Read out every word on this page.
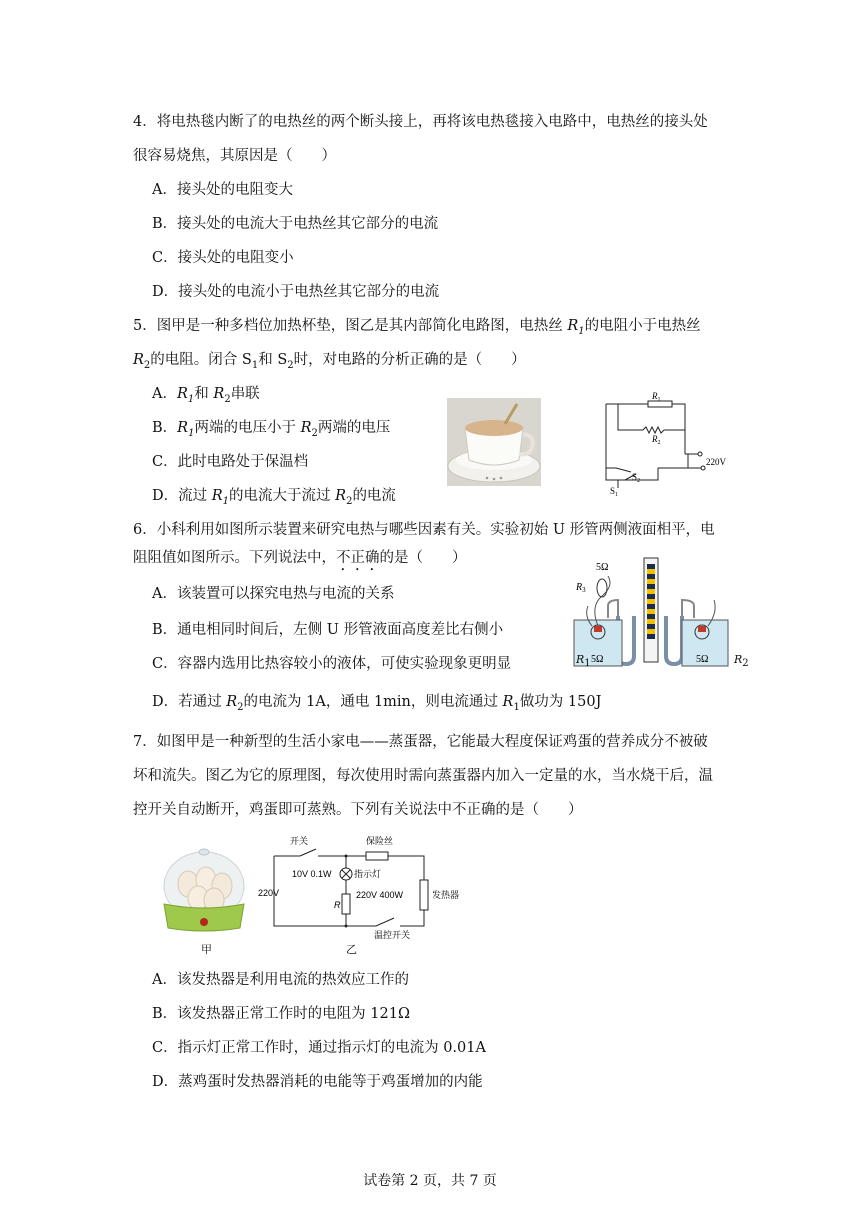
4．将电热毯内断了的电热丝的两个断头接上，再将该电热毯接入电路中，电热丝的接头处
很容易烧焦，其原因是（　　）
A．接头处的电阻变大
B．接头处的电流大于电热丝其它部分的电流
C．接头处的电阻变小
D．接头处的电流小于电热丝其它部分的电流
5．图甲是一种多档位加热杯垫，图乙是其内部简化电路图，电热丝 $R_1$的电阻小于电热丝
$R_2$的电阻。闭合 $S_1$和 $S_2$时，对电路的分析正确的是（　　）
A．$R_1$和 $R_2$串联
B．$R_1$两端的电压小于 $R_2$两端的电压
C．此时电路处于保温档
D．流过 $R_1$的电流大于流过 $R_2$的电流
$R_1$
$R_2$
220V
$S_2$
$S_1$
6．小科利用如图所示装置来研究电热与哪些因素有关。实验初始 U 形管两侧液面相平，电
阻阻值如图所示。下列说法中，不正确的是（　　）
A．该装置可以探究电热与电流的关系
B．通电相同时间后，左侧 U 形管液面高度差比右侧小
C．容器内选用比热容较小的液体，可使实验现象更明显
D．若通过 $R_2$的电流为 1A，通电 1min，则电流通过 $R_1$做功为 150J
5Ω
$R_3$
5Ω	5Ω
$R_1$	$R_2$
7．如图甲是一种新型的生活小家电——蒸蛋器，它能最大程度保证鸡蛋的营养成分不被破
坏和流失。图乙为它的原理图，每次使用时需向蒸蛋器内加入一定量的水，当水烧干后，温
控开关自动断开，鸡蛋即可蒸熟。下列有关说法中不正确的是（　　）
开关	保险丝
10V 0.1W 指示灯
220V	220V 400W	发热器
R
温控开关
甲	乙
A．该发热器是利用电流的热效应工作的
B．该发热器正常工作时的电阻为 121Ω
C．指示灯正常工作时，通过指示灯的电流为 0.01A
D．蒸鸡蛋时发热器消耗的电能等于鸡蛋增加的内能
试卷第 2 页，共 7 页
